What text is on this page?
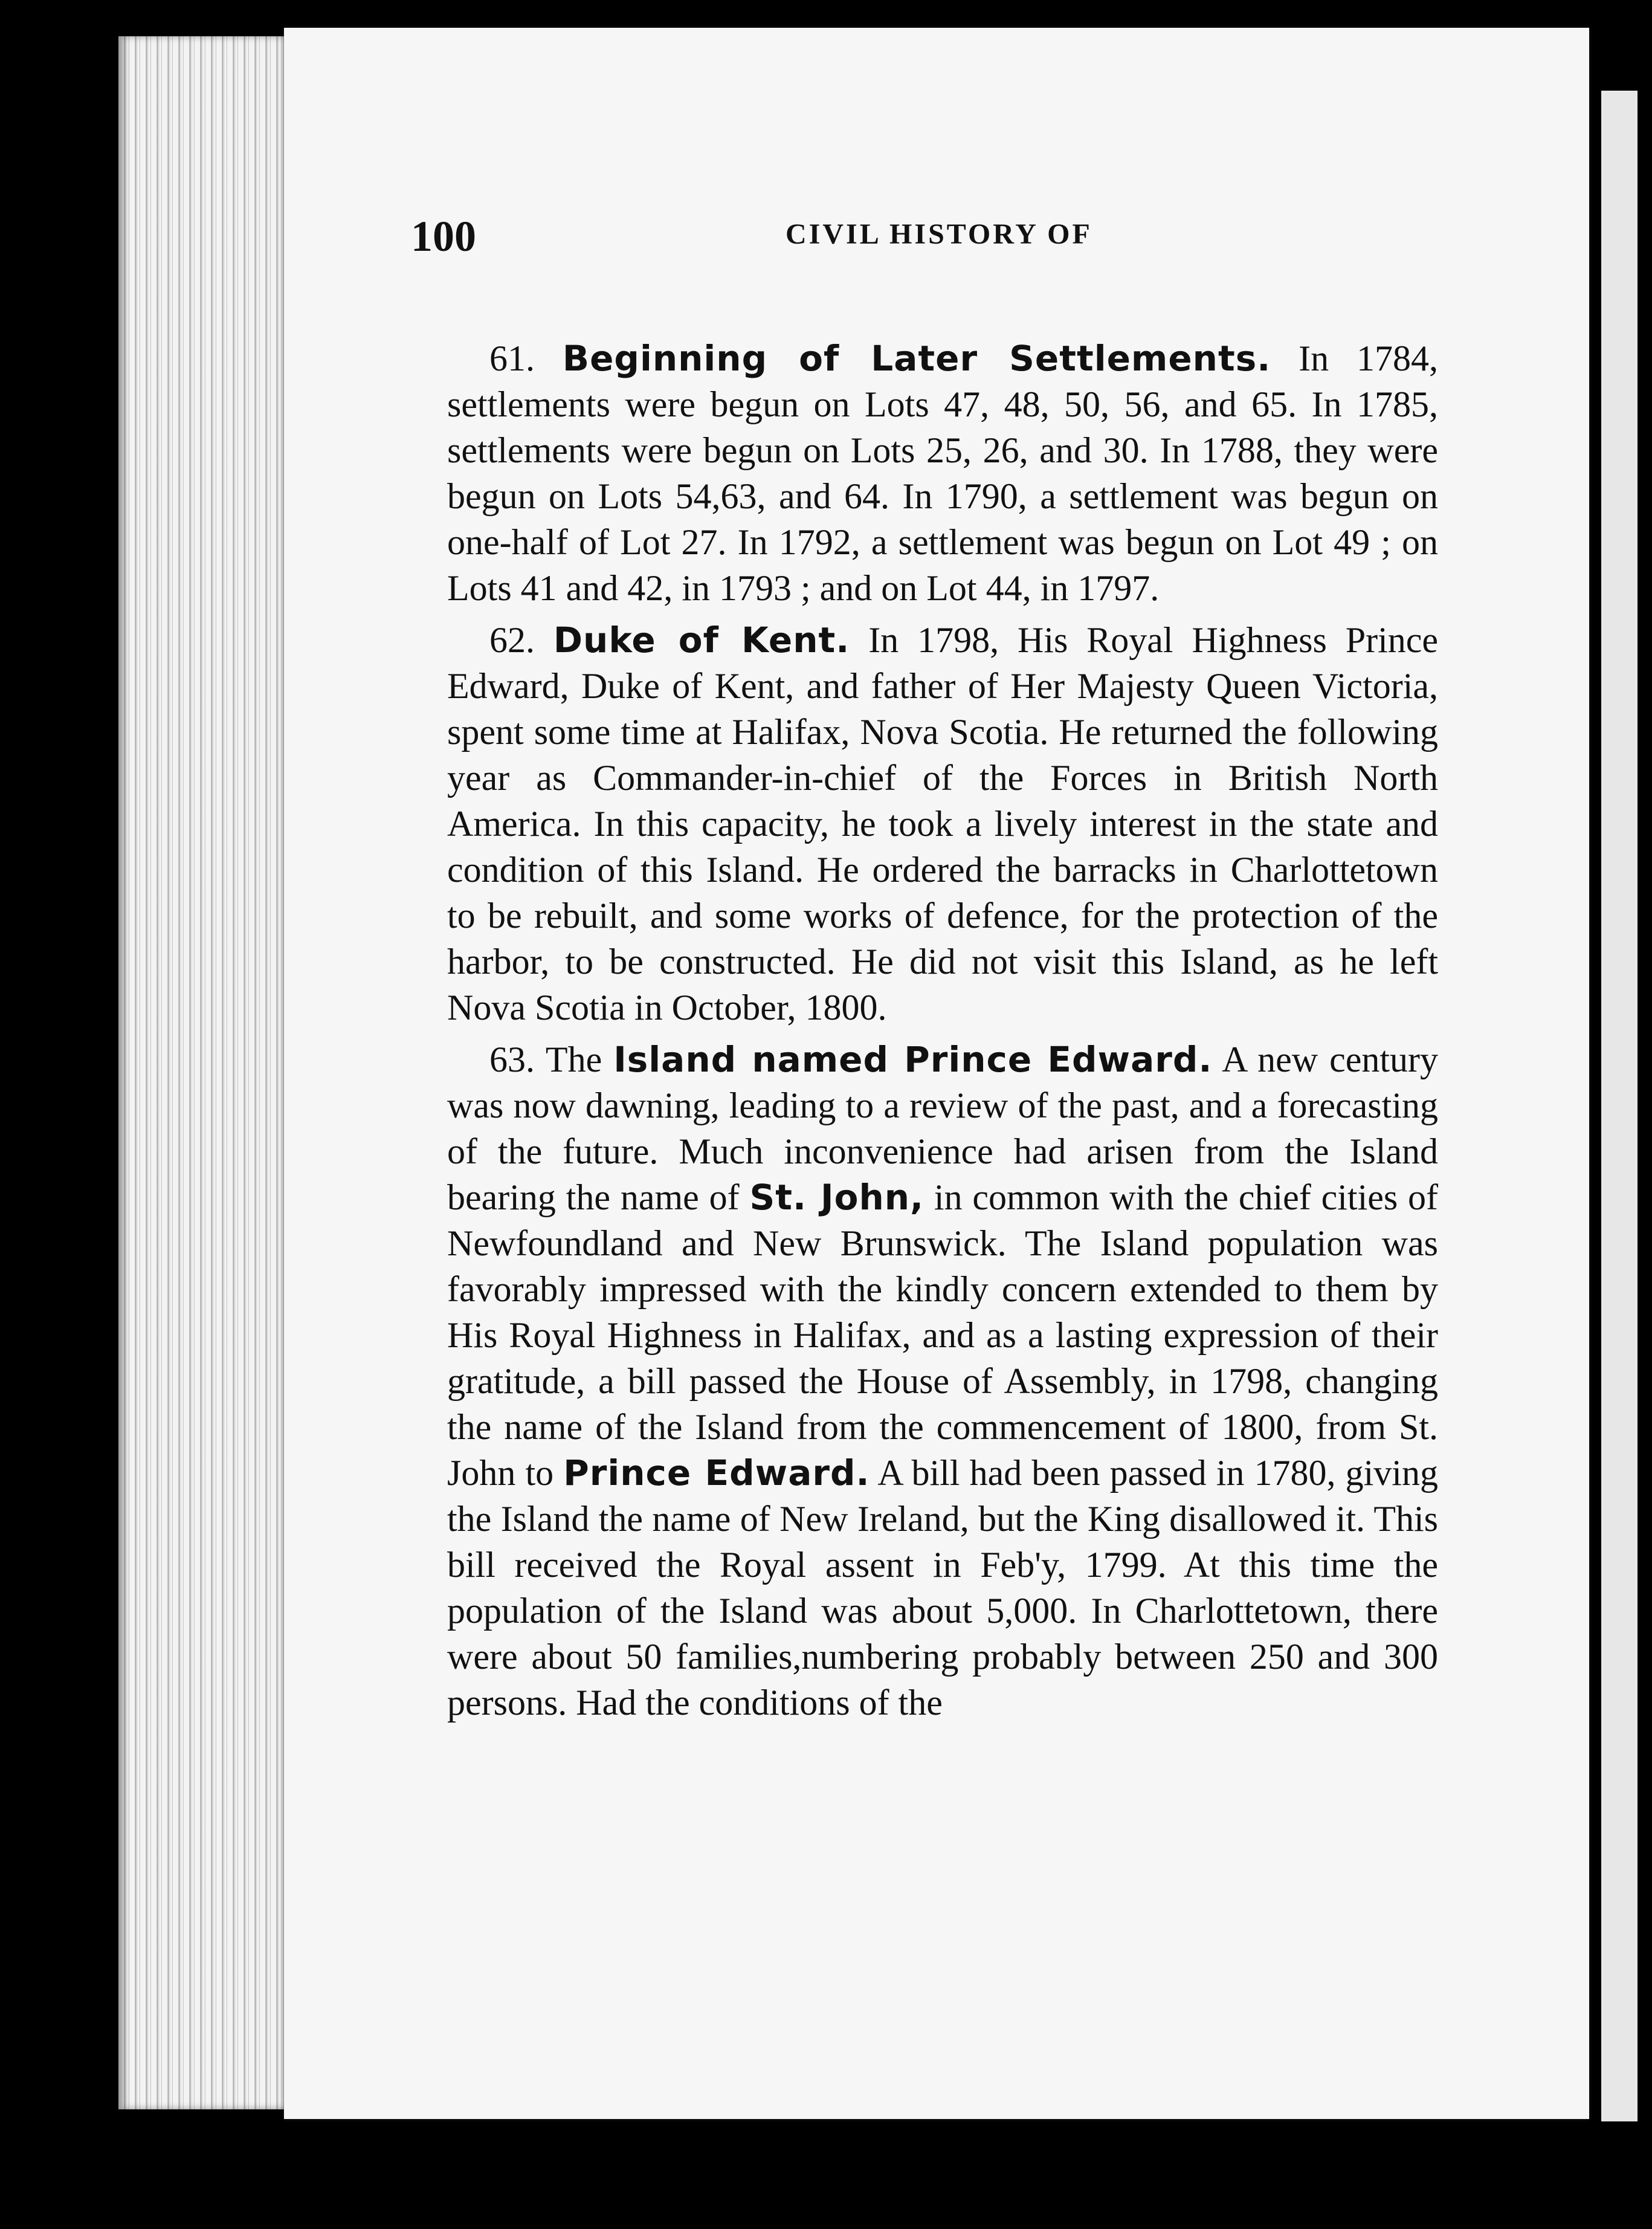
100	CIVIL HISTORY OF

61. Beginning of Later Settlements. In 1784, settlements were begun on Lots 47, 48, 50, 56, and 65. In 1785, settlements were begun on Lots 25, 26, and 30. In 1788, they were begun on Lots 54,63, and 64. In 1790, a settlement was begun on one-half of Lot 27. In 1792, a settlement was begun on Lot 49 ; on Lots 41 and 42, in 1793 ; and on Lot 44, in 1797.

62. Duke of Kent. In 1798, His Royal Highness Prince Edward, Duke of Kent, and father of Her Majesty Queen Victoria, spent some time at Halifax, Nova Scotia. He returned the following year as Commander-in-chief of the Forces in British North America. In this capacity, he took a lively interest in the state and condition of this Island. He ordered the barracks in Charlottetown to be rebuilt, and some works of defence, for the protection of the harbor, to be constructed. He did not visit this Island, as he left Nova Scotia in October, 1800.

63. The Island named Prince Edward. A new century was now dawning, leading to a review of the past, and a forecasting of the future. Much inconvenience had arisen from the Island bearing the name of St. John, in common with the chief cities of Newfoundland and New Brunswick. The Island population was favorably impressed with the kindly concern extended to them by His Royal Highness in Halifax, and as a lasting expression of their gratitude, a bill passed the House of Assembly, in 1798, changing the name of the Island from the commencement of 1800, from St. John to Prince Edward. A bill had been passed in 1780, giving the Island the name of New Ireland, but the King disallowed it. This bill received the Royal assent in Feb'y, 1799. At this time the population of the Island was about 5,000. In Charlottetown, there were about 50 families,numbering probably between 250 and 300 persons. Had the conditions of the
